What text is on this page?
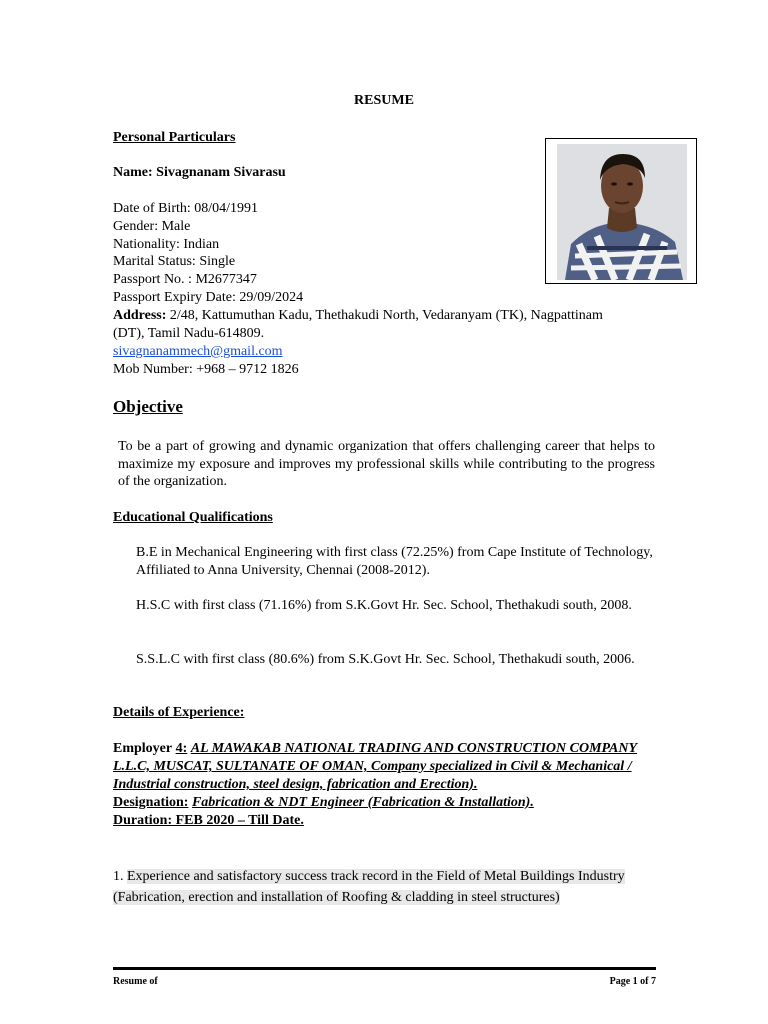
RESUME
Personal Particulars
Name: Sivagnanam Sivarasu
Date of Birth: 08/04/1991
Gender: Male
Nationality: Indian
Marital Status: Single
Passport No. : M2677347
Passport Expiry Date: 29/09/2024
Address: 2/48, Kattumuthan Kadu, Thethakudi North, Vedaranyam (TK), Nagpattinam
(DT), Tamil Nadu-614809.
sivagnanammech@gmail.com
Mob Number: +968 – 9712 1826
Objective
To be a part of growing and dynamic organization that offers challenging career that helps to maximize my exposure and improves my professional skills while contributing to the progress of the organization.
Educational Qualifications
B.E in Mechanical Engineering with first class (72.25%) from Cape Institute of Technology, Affiliated to Anna University, Chennai (2008-2012).
H.S.C with first class (71.16%) from S.K.Govt Hr. Sec. School, Thethakudi south, 2008.
S.S.L.C with first class (80.6%) from S.K.Govt Hr. Sec. School, Thethakudi south, 2006.
Details of Experience:
Employer 4: AL MAWAKAB NATIONAL TRADING AND CONSTRUCTION COMPANY L.L.C, MUSCAT, SULTANATE OF OMAN, Company specialized in Civil & Mechanical / Industrial construction, steel design, fabrication and Erection).
Designation: Fabrication & NDT Engineer (Fabrication & Installation).
Duration: FEB 2020 – Till Date.
1. Experience and satisfactory success track record in the Field of Metal Buildings Industry (Fabrication, erection and installation of Roofing & cladding in steel structures)
Resume of	Page 1 of 7
